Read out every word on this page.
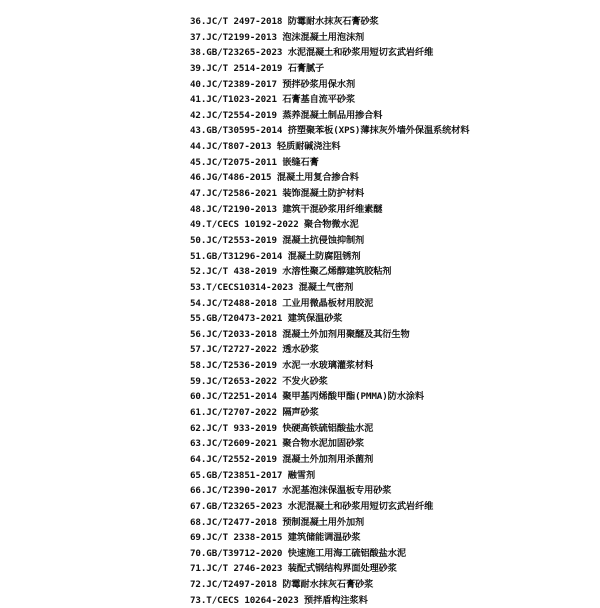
36.JC/T 2497-2018 防霉耐水抹灰石膏砂浆
37.JC/T2199-2013 泡沫混凝土用泡沫剂
38.GB/T23265-2023 水泥混凝土和砂浆用短切玄武岩纤维
39.JC/T 2514-2019 石膏腻子
40.JC/T2389-2017 预拌砂浆用保水剂
41.JC/T1023-2021 石膏基自流平砂浆
42.JC/T2554-2019 蒸养混凝土制品用掺合料
43.GB/T30595-2014 挤塑聚苯板(XPS)薄抹灰外墙外保温系统材料
44.JC/T807-2013 轻质耐碱浇注料
45.JC/T2075-2011 嵌缝石膏
46.JG/T486-2015 混凝土用复合掺合料
47.JC/T2586-2021 装饰混凝土防护材料
48.JC/T2190-2013 建筑干混砂浆用纤维素醚
49.T/CECS 10192-2022 聚合物微水泥
50.JC/T2553-2019 混凝土抗侵蚀抑制剂
51.GB/T31296-2014 混凝土防腐阻锈剂
52.JC/T 438-2019 水溶性聚乙烯醇建筑胶粘剂
53.T/CECS10314-2023 混凝土气密剂
54.JC/T2488-2018 工业用微晶板材用胶泥
55.GB/T20473-2021 建筑保温砂浆
56.JC/T2033-2018 混凝土外加剂用聚醚及其衍生物
57.JC/T2727-2022 透水砂浆
58.JC/T2536-2019 水泥一水玻璃灌浆材料
59.JC/T2653-2022 不发火砂浆
60.JC/T2251-2014 聚甲基丙烯酸甲酯(PMMA)防水涂料
61.JC/T2707-2022 隔声砂浆
62.JC/T 933-2019 快硬高铁硫铝酸盐水泥
63.JC/T2609-2021 聚合物水泥加固砂浆
64.JC/T2552-2019 混凝土外加剂用杀菌剂
65.GB/T23851-2017 融雪剂
66.JC/T2390-2017 水泥基泡沫保温板专用砂浆
67.GB/T23265-2023 水泥混凝土和砂浆用短切玄武岩纤维
68.JC/T2477-2018 预制混凝土用外加剂
69.JC/T 2338-2015 建筑储能调温砂浆
70.GB/T39712-2020 快速施工用海工硫铝酸盐水泥
71.JC/T 2746-2023 装配式钢结构界面处理砂浆
72.JC/T2497-2018 防霉耐水抹灰石膏砂浆
73.T/CECS 10264-2023 预拌盾构注浆料
